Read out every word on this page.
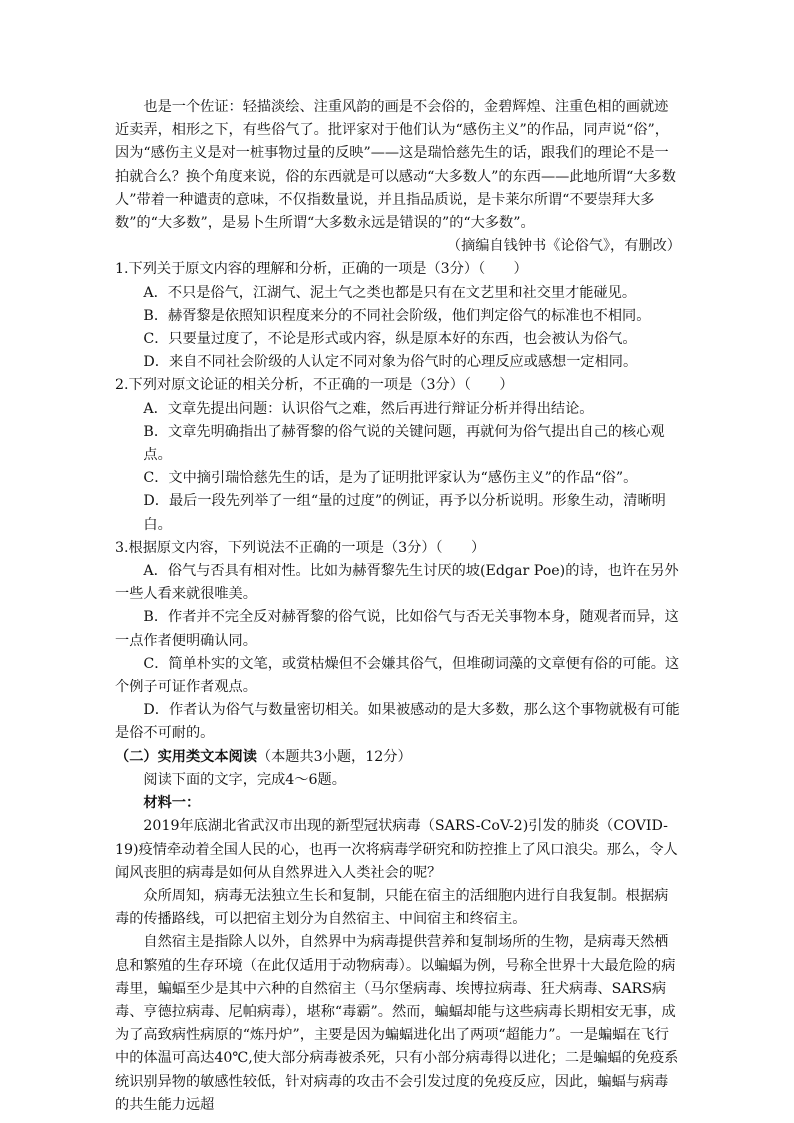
也是一个佐证：轻描淡绘、注重风韵的画是不会俗的，金碧辉煌、注重色相的画就迹近卖弄，相形之下，有些俗气了。批评家对于他们认为“感伤主义”的作品，同声说“俗”，因为“感伤主义是对一桩事物过量的反映”——这是瑞恰慈先生的话，跟我们的理论不是一拍就合么？换个角度来说，俗的东西就是可以感动“大多数人”的东西——此地所谓“大多数人”带着一种谴责的意味，不仅指数量说，并且指品质说，是卡莱尔所谓“不要崇拜大多数”的“大多数”，是易卜生所谓“大多数永远是错误的”的“大多数”。

（摘编自钱钟书《论俗气》，有删改）

1.下列关于原文内容的理解和分析，正确的一项是（3分）（　　）

A．不只是俗气，江湖气、泥土气之类也都是只有在文艺里和社交里才能碰见。

B．赫胥黎是依照知识程度来分的不同社会阶级，他们判定俗气的标准也不相同。

C．只要量过度了，不论是形式或内容，纵是原本好的东西，也会被认为俗气。

D．来自不同社会阶级的人认定不同对象为俗气时的心理反应或感想一定相同。

2.下列对原文论证的相关分析，不正确的一项是（3分）（　　）

A．文章先提出问题：认识俗气之难，然后再进行辩证分析并得出结论。

B．文章先明确指出了赫胥黎的俗气说的关键问题，再就何为俗气提出自己的核心观点。

C．文中摘引瑞恰慈先生的话，是为了证明批评家认为“感伤主义”的作品“俗”。

D．最后一段先列举了一组“量的过度”的例证，再予以分析说明。形象生动，清晰明白。

3.根据原文内容，下列说法不正确的一项是（3分）（　　）

A．俗气与否具有相对性。比如为赫胥黎先生讨厌的坡(Edgar Poe)的诗，也许在另外一些人看来就很唯美。

B．作者并不完全反对赫胥黎的俗气说，比如俗气与否无关事物本身，随观者而异，这一点作者便明确认同。

C．简单朴实的文笔，或赏枯燥但不会嫌其俗气，但堆砌词藻的文章便有俗的可能。这个例子可证作者观点。

D．作者认为俗气与数量密切相关。如果被感动的是大多数，那么这个事物就极有可能是俗不可耐的。

（二）实用类文本阅读（本题共3小题，12分）

阅读下面的文字，完成4～6题。

材料一：

2019年底湖北省武汉市出现的新型冠状病毒（SARS-CoV-2)引发的肺炎（COVID-19)疫情牵动着全国人民的心，也再一次将病毒学研究和防控推上了风口浪尖。那么，令人闻风丧胆的病毒是如何从自然界进入人类社会的呢？

众所周知，病毒无法独立生长和复制，只能在宿主的活细胞内进行自我复制。根据病毒的传播路线，可以把宿主划分为自然宿主、中间宿主和终宿主。

自然宿主是指除人以外，自然界中为病毒提供营养和复制场所的生物，是病毒天然栖息和繁殖的生存环境（在此仅适用于动物病毒）。以蝙蝠为例，号称全世界十大最危险的病毒里，蝙蝠至少是其中六种的自然宿主（马尔堡病毒、埃博拉病毒、狂犬病毒、SARS病毒、亨德拉病毒、尼帕病毒），堪称“毒霸”。然而，蝙蝠却能与这些病毒长期相安无事，成为了高致病性病原的“炼丹炉”，主要是因为蝙蝠进化出了两项“超能力”。一是蝙蝠在飞行中的体温可高达40℃,使大部分病毒被杀死，只有小部分病毒得以进化；二是蝙蝠的免疫系统识别异物的敏感性较低，针对病毒的攻击不会引发过度的免疫反应，因此，蝙蝠与病毒的共生能力远超
